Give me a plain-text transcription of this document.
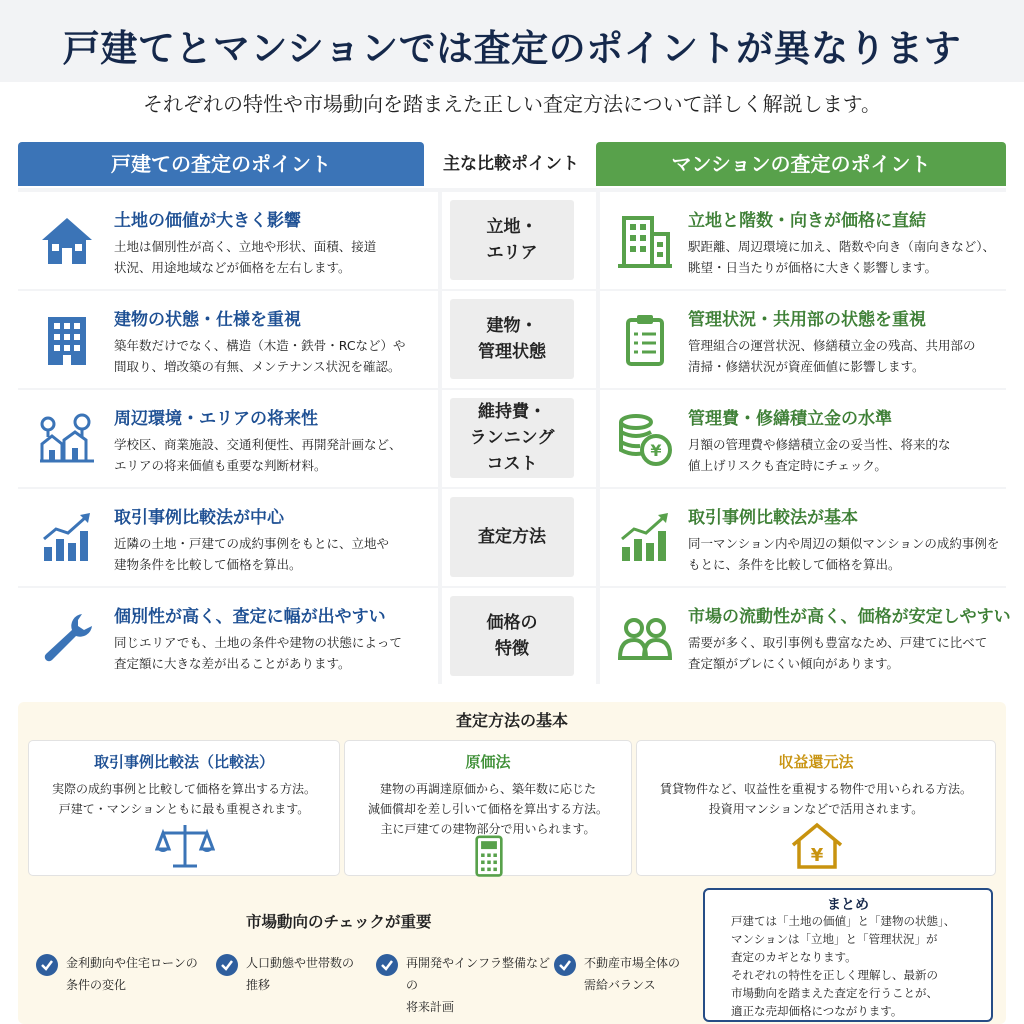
戸建てとマンションでは査定のポイントが異なります

それぞれの特性や市場動向を踏まえた正しい査定方法について詳しく解説します。

戸建ての査定のポイント	主な比較ポイント	マンションの査定のポイント
土地の価値が大きく影響
土地は個別性が高く、立地や形状、面積、接道
状況、用途地域などが価格を左右します。
立地・
エリア
立地と階数・向きが価格に直結
駅距離、周辺環境に加え、階数や向き（南向きなど）、
眺望・日当たりが価格に大きく影響します。
建物の状態・仕様を重視
築年数だけでなく、構造（木造・鉄骨・RCなど）や
間取り、増改築の有無、メンテナンス状況を確認。
建物・
管理状態
管理状況・共用部の状態を重視
管理組合の運営状況、修繕積立金の残高、共用部の
清掃・修繕状況が資産価値に影響します。
周辺環境・エリアの将来性
学校区、商業施設、交通利便性、再開発計画など、
エリアの将来価値も重要な判断材料。
維持費・
ランニング
コスト
¥
管理費・修繕積立金の水準
月額の管理費や修繕積立金の妥当性、将来的な
値上げリスクも査定時にチェック。
取引事例比較法が中心
近隣の土地・戸建ての成約事例をもとに、立地や
建物条件を比較して価格を算出。
査定方法
取引事例比較法が基本
同一マンション内や周辺の類似マンションの成約事例を
もとに、条件を比較して価格を算出。
個別性が高く、査定に幅が出やすい
同じエリアでも、土地の条件や建物の状態によって
査定額に大きな差が出ることがあります。
価格の
特徴
市場の流動性が高く、価格が安定しやすい
需要が多く、取引事例も豊富なため、戸建てに比べて
査定額がブレにくい傾向があります。
査定方法の基本
取引事例比較法（比較法）
実際の成約事例と比較して価格を算出する方法。
戸建て・マンションともに最も重視されます。
原価法
建物の再調達原価から、築年数に応じた
減価償却を差し引いて価格を算出する方法。
主に戸建ての建物部分で用いられます。
収益還元法
賃貸物件など、収益性を重視する物件で用いられる方法。
投資用マンションなどで活用されます。
¥
市場動向のチェックが重要
金利動向や住宅ローンの
条件の変化
人口動態や世帯数の
推移
再開発やインフラ整備などの
将来計画
不動産市場全体の
需給バランス
まとめ
戸建ては「土地の価値」と「建物の状態」、
マンションは「立地」と「管理状況」が
査定のカギとなります。
それぞれの特性を正しく理解し、最新の
市場動向を踏まえた査定を行うことが、
適正な売却価格につながります。
